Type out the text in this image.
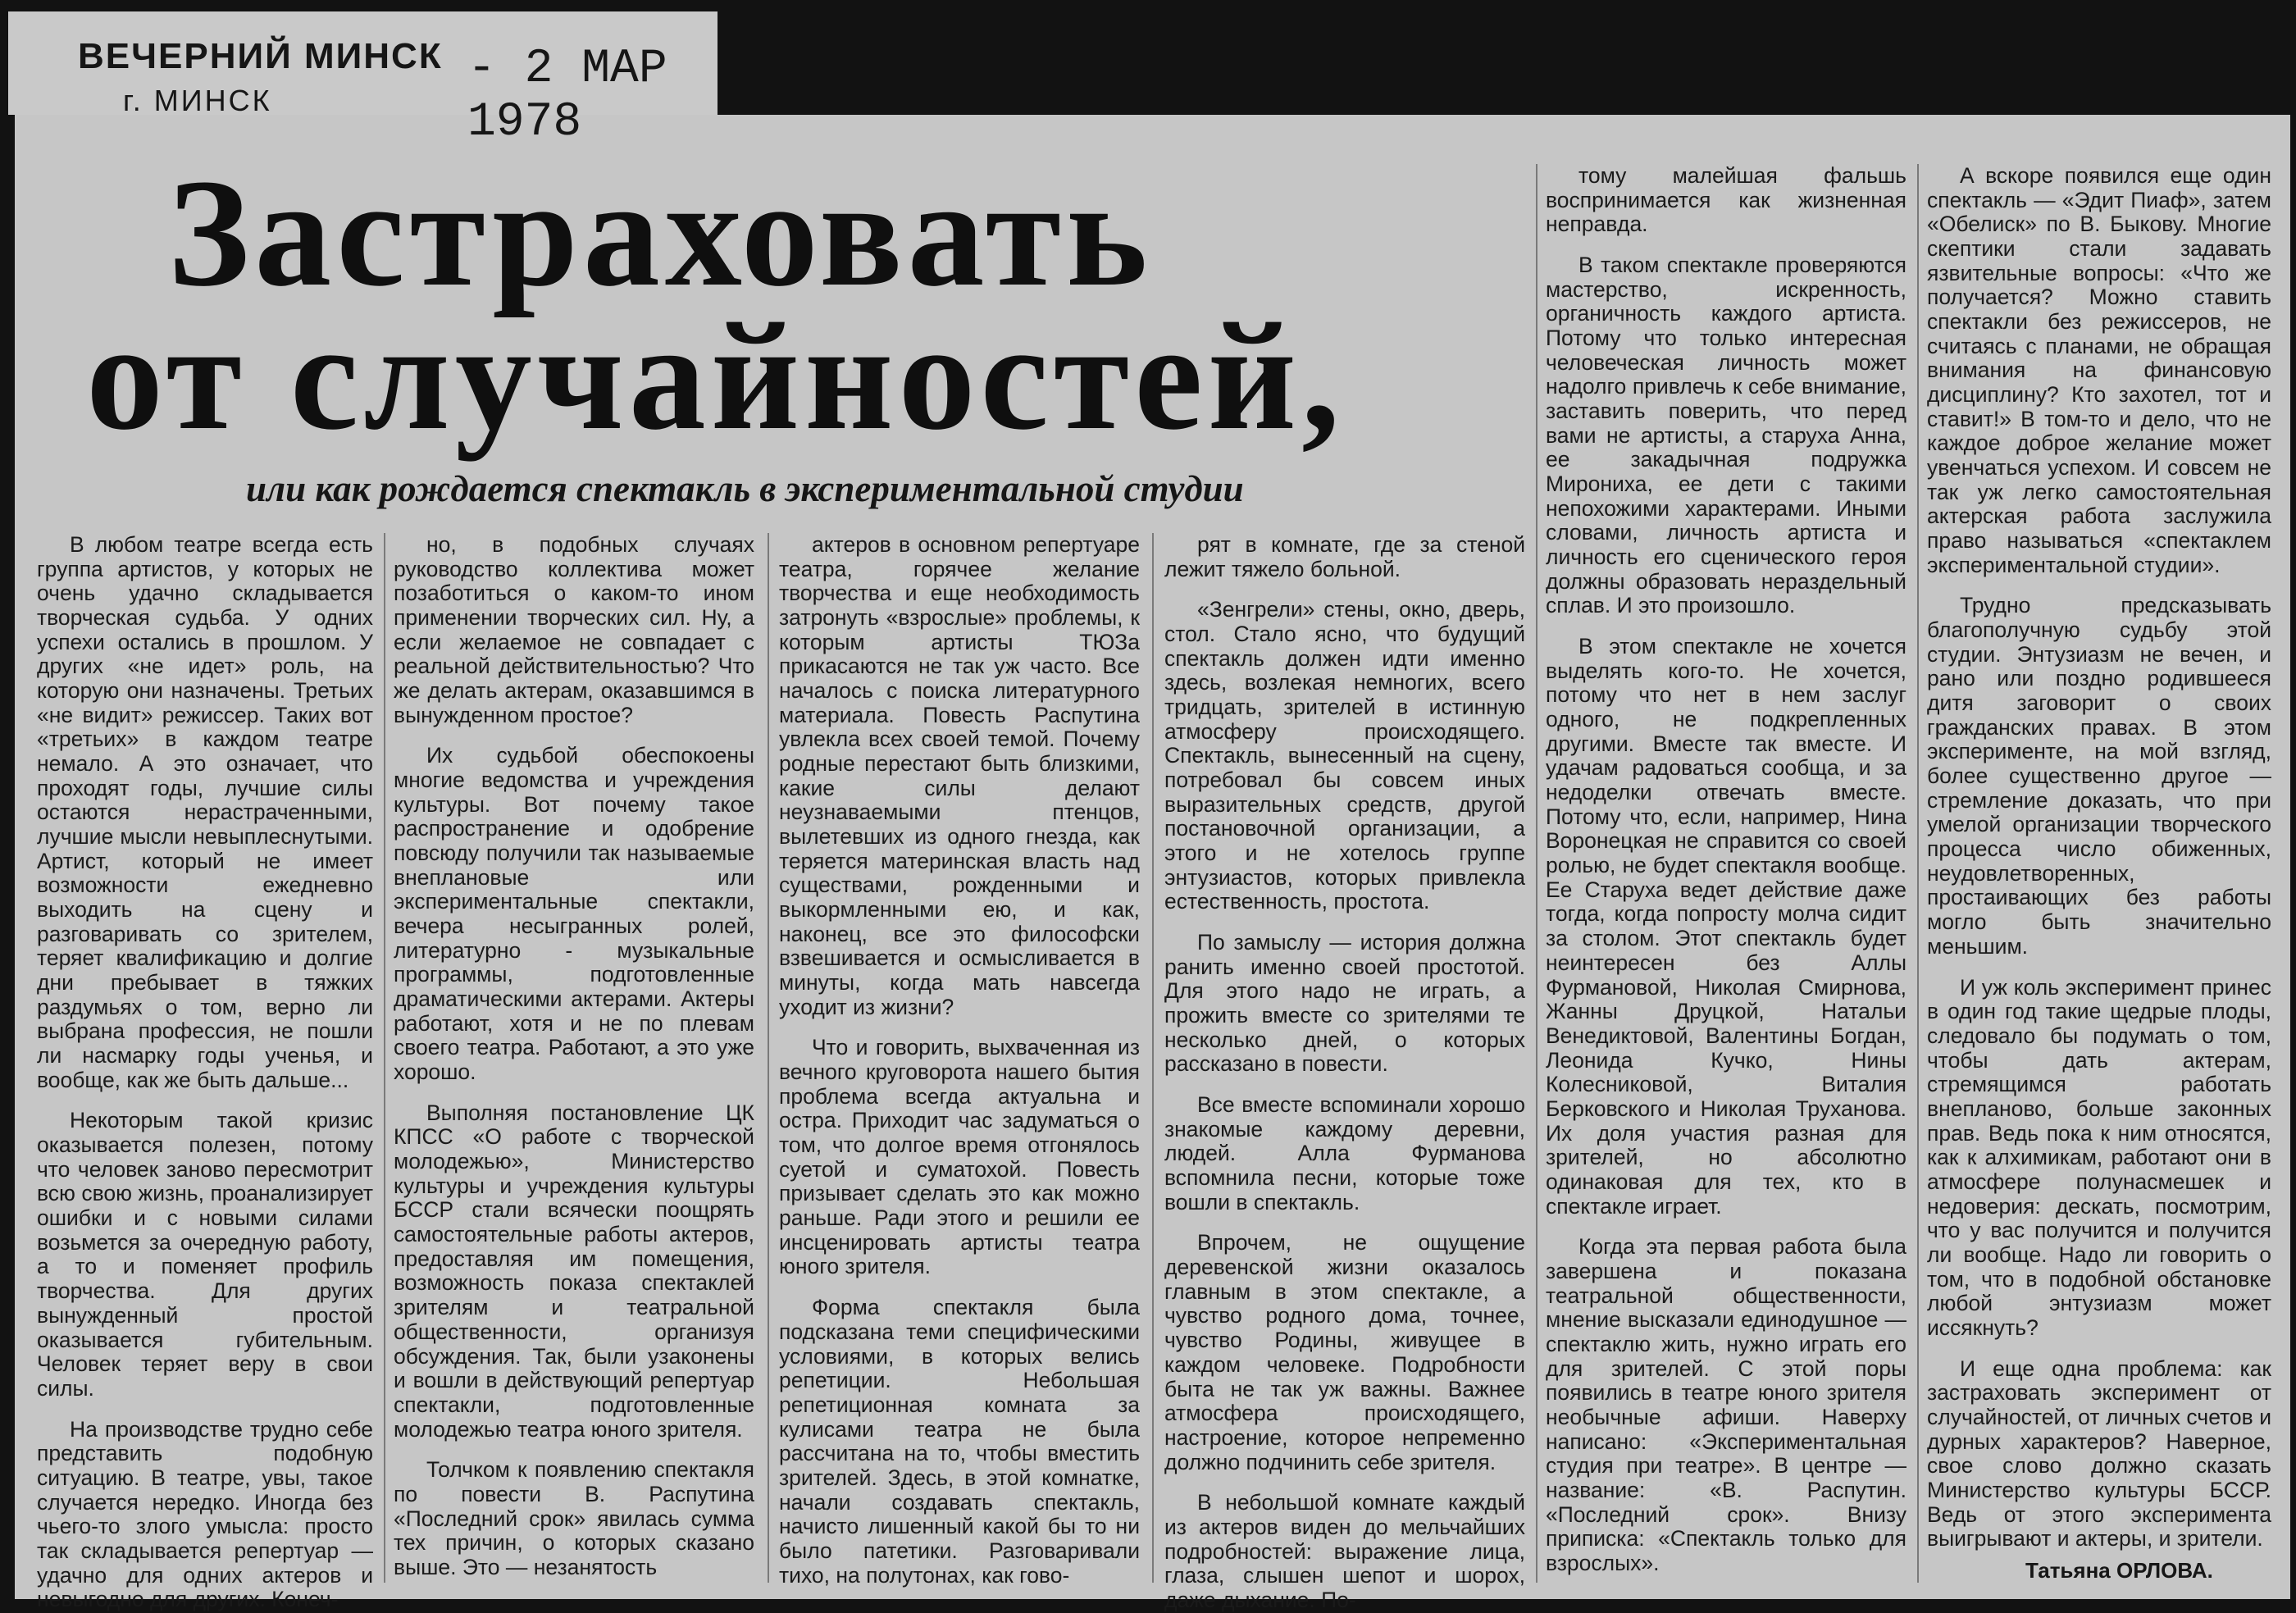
ВЕЧЕРНИЙ МИНСК
г. МИНСК
- 2 МАР 1978
Застраховать
от случайностей,
или как рождается спектакль в экспериментальной студии

В любом театре всегда есть группа артистов, у которых не очень удачно складывается творческая судьба. У одних успехи остались в прошлом. У других «не идет» роль, на которую они назначены. Третьих «не видит» режиссер. Таких вот «третьих» в каждом театре немало. А это означает, что проходят годы, лучшие силы остаются нерастраченными, лучшие мысли невыплеснутыми. Артист, который не имеет возможности ежедневно выходить на сцену и разговаривать со зрителем, теряет квалификацию и долгие дни пребывает в тяжких раздумьях о том, верно ли выбрана профессия, не пошли ли насмарку годы ученья, и вообще, как же быть дальше...

Некоторым такой кризис оказывается полезен, потому что человек заново пересмотрит всю свою жизнь, проанализирует ошибки и с новыми силами возьмется за очередную работу, а то и поменяет профиль творчества. Для других вынужденный простой оказывается губительным. Человек теряет веру в свои силы.

На производстве трудно себе представить подобную ситуацию. В театре, увы, такое случается нередко. Иногда без чьего-то злого умысла: просто так складывается репертуар — удачно для одних актеров и невыгодно для других. Конеч-

но, в подобных случаях руководство коллектива может позаботиться о каком-то ином применении творческих сил. Ну, а если желаемое не совпадает с реальной действительностью? Что же делать актерам, оказавшимся в вынужденном простое?

Их судьбой обеспокоены многие ведомства и учреждения культуры. Вот почему такое распространение и одобрение повсюду получили так называемые внеплановые или экспериментальные спектакли, вечера несыгранных ролей, литературно - музыкальные программы, подготовленные драматическими актерами. Актеры работают, хотя и не по плевам своего театра. Работают, а это уже хорошо.

Выполняя постановление ЦК КПСС «О работе с творческой молодежью», Министерство культуры и учреждения культуры БССР стали всячески поощрять самостоятельные работы актеров, предоставляя им помещения, возможность показа спектаклей зрителям и театральной общественности, организуя обсуждения. Так, были узаконены и вошли в действующий репертуар спектакли, подготовленные молодежью театра юного зрителя.

Толчком к появлению спектакля по повести В. Распутина «Последний срок» явилась сумма тех причин, о которых сказано выше. Это — незанятость

актеров в основном репертуаре театра, горячее желание творчества и еще необходимость затронуть «взрослые» проблемы, к которым артисты ТЮЗа прикасаются не так уж часто. Все началось с поиска литературного материала. Повесть Распутина увлекла всех своей темой. Почему родные перестают быть близкими, какие силы делают неузнаваемыми птенцов, вылетевших из одного гнезда, как теряется материнская власть над существами, рожденными и выкормленными ею, и как, наконец, все это философски взвешивается и осмысливается в минуты, когда мать навсегда уходит из жизни?

Что и говорить, выхваченная из вечного круговорота нашего бытия проблема всегда актуальна и остра. Приходит час задуматься о том, что долгое время отгонялось суетой и суматохой. Повесть призывает сделать это как можно раньше. Ради этого и решили ее инсценировать артисты театра юного зрителя.

Форма спектакля была подсказана теми специфическими условиями, в которых велись репетиции. Небольшая репетиционная комната за кулисами театра не была рассчитана на то, чтобы вместить зрителей. Здесь, в этой комнатке, начали создавать спектакль, начисто лишенный какой бы то ни было патетики. Разговаривали тихо, на полутонах, как гово-

рят в комнате, где за стеной лежит тяжело больной.

«Зенгрели» стены, окно, дверь, стол. Стало ясно, что будущий спектакль должен идти именно здесь, возлекая немногих, всего тридцать, зрителей в истинную атмосферу происходящего. Спектакль, вынесенный на сцену, потребовал бы совсем иных выразительных средств, другой постановочной организации, а этого и не хотелось группе энтузиастов, которых привлекла естественность, простота.

По замыслу — история должна ранить именно своей простотой. Для этого надо не играть, а прожить вместе со зрителями те несколько дней, о которых рассказано в повести.

Все вместе вспоминали хорошо знакомые каждому деревни, людей. Алла Фурманова вспомнила песни, которые тоже вошли в спектакль.

Впрочем, не ощущение деревенской жизни оказалось главным в этом спектакле, а чувство родного дома, точнее, чувство Родины, живущее в каждом человеке. Подробности быта не так уж важны. Важнее атмосфера происходящего, настроение, которое непременно должно подчинить себе зрителя.

В небольшой комнате каждый из актеров виден до мельчайших подробностей: выражение лица, глаза, слышен шепот и шорох, даже дыхание. По-

тому малейшая фальшь воспринимается как жизненная неправда.

В таком спектакле проверяются мастерство, искренность, органичность каждого артиста. Потому что только интересная человеческая личность может надолго привлечь к себе внимание, заставить поверить, что перед вами не артисты, а старуха Анна, ее закадычная подружка Мирониха, ее дети с такими непохожими характерами. Иными словами, личность артиста и личность его сценического героя должны образовать нераздельный сплав. И это произошло.

В этом спектакле не хочется выделять кого-то. Не хочется, потому что нет в нем заслуг одного, не подкрепленных другими. Вместе так вместе. И удачам радоваться сообща, и за недоделки отвечать вместе. Потому что, если, например, Нина Воронецкая не справится со своей ролью, не будет спектакля вообще. Ее Старуха ведет действие даже тогда, когда попросту молча сидит за столом. Этот спектакль будет неинтересен без Аллы Фурмановой, Николая Смирнова, Жанны Друцкой, Натальи Венедиктовой, Валентины Богдан, Леонида Кучко, Нины Колесниковой, Виталия Берковского и Николая Труханова. Их доля участия разная для зрителей, но абсолютно одинаковая для тех, кто в спектакле играет.

Когда эта первая работа была завершена и показана театральной общественности, мнение высказали единодушное — спектаклю жить, нужно играть его для зрителей. С этой поры появились в театре юного зрителя необычные афиши. Наверху написано: «Экспериментальная студия при театре». В центре — название: «В. Распутин. «Последний срок». Внизу приписка: «Спектакль только для взрослых».

А вскоре появился еще один спектакль — «Эдит Пиаф», затем «Обелиск» по В. Быкову. Многие скептики стали задавать язвительные вопросы: «Что же получается? Можно ставить спектакли без режиссеров, не считаясь с планами, не обращая внимания на финансовую дисциплину? Кто захотел, тот и ставит!» В том-то и дело, что не каждое доброе желание может увенчаться успехом. И совсем не так уж легко самостоятельная актерская работа заслужила право называться «спектаклем экспериментальной студии».

Трудно предсказывать благополучную судьбу этой студии. Энтузиазм не вечен, и рано или поздно родившееся дитя заговорит о своих гражданских правах. В этом эксперименте, на мой взгляд, более существенно другое — стремление доказать, что при умелой организации творческого процесса число обиженных, неудовлетворенных, простаивающих без работы могло быть значительно меньшим.

И уж коль эксперимент принес в один год такие щедрые плоды, следовало бы подумать о том, чтобы дать актерам, стремящимся работать внепланово, больше законных прав. Ведь пока к ним относятся, как к алхимикам, работают они в атмосфере полунасмешек и недоверия: дескать, посмотрим, что у вас получится и получится ли вообще. Надо ли говорить о том, что в подобной обстановке любой энтузиазм может иссякнуть?

И еще одна проблема: как застраховать эксперимент от случайностей, от личных счетов и дурных характеров? Наверное, свое слово должно сказать Министерство культуры БССР. Ведь от этого эксперимента выигрывают и актеры, и зрители.

Татьяна ОРЛОВА.
